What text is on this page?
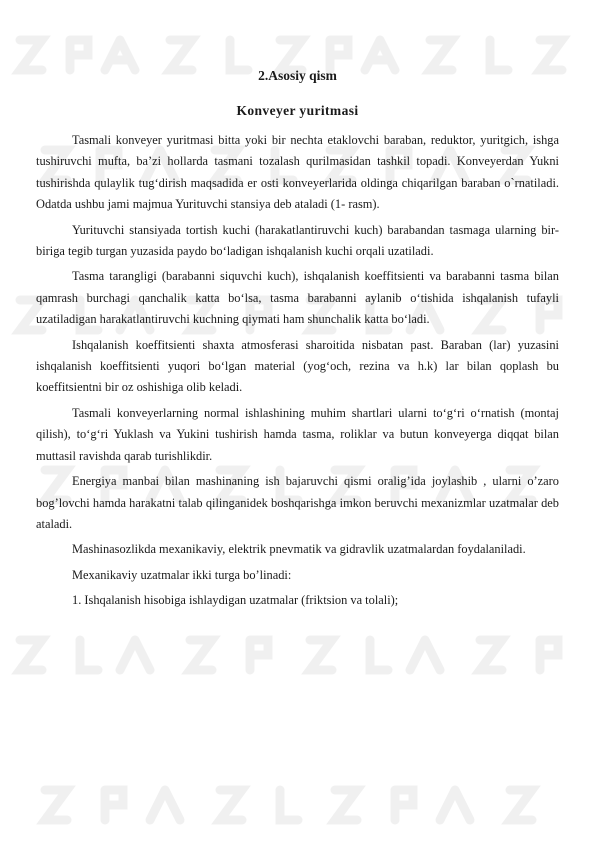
2.Asosiy qism
Konveyer yuritmasi

Tasmali konveyer yuritmasi bitta yoki bir nechta etaklovchi baraban, reduktor, yuritgich, ishga tushiruvchi mufta, ba’zi hollarda tasmani tozalash qurilmasidan tashkil topadi. Konveyerdan Yukni tushirishda qulaylik tug‘dirish maqsadida er osti konveyerlarida oldinga chiqarilgan baraban o`rnatiladi. Odatda ushbu jami majmua Yurituvchi stansiya deb ataladi (1- rasm).

Yurituvchi stansiyada tortish kuchi (harakatlantiruvchi kuch) barabandan tasmaga ularning bir-biriga tegib turgan yuzasida paydo bo‘ladigan ishqalanish kuchi orqali uzatiladi.

Tasma tarangligi (barabanni siquvchi kuch), ishqalanish koeffitsienti va barabanni tasma bilan qamrash burchagi qanchalik katta bo‘lsa, tasma barabanni aylanib o‘tishida ishqalanish tufayli uzatiladigan harakatlantiruvchi kuchning qiymati ham shunchalik katta bo‘ladi.

Ishqalanish koeffitsienti shaxta atmosferasi sharoitida nisbatan past. Baraban (lar) yuzasini ishqalanish koeffitsienti yuqori bo‘lgan material (yog‘och, rezina va h.k) lar bilan qoplash bu koeffitsientni bir oz oshishiga olib keladi.

Tasmali konveyerlarning normal ishlashining muhim shartlari ularni to‘g‘ri o‘rnatish (montaj qilish), to‘g‘ri Yuklash va Yukini tushirish hamda tasma, roliklar va butun konveyerga diqqat bilan muttasil ravishda qarab turishlikdir.

Energiya manbai bilan mashinaning ish bajaruvchi qismi oralig’ida joylashib , ularni o’zaro bog’lovchi hamda harakatni talab qilinganidek boshqarishga imkon beruvchi mexanizmlar uzatmalar deb ataladi.

Mashinasozlikda mexanikaviy, elektrik pnevmatik va gidravlik uzatmalardan foydalaniladi.

Mexanikaviy uzatmalar ikki turga bo’linadi:

1. Ishqalanish hisobiga ishlaydigan uzatmalar (friktsion va tolali);
